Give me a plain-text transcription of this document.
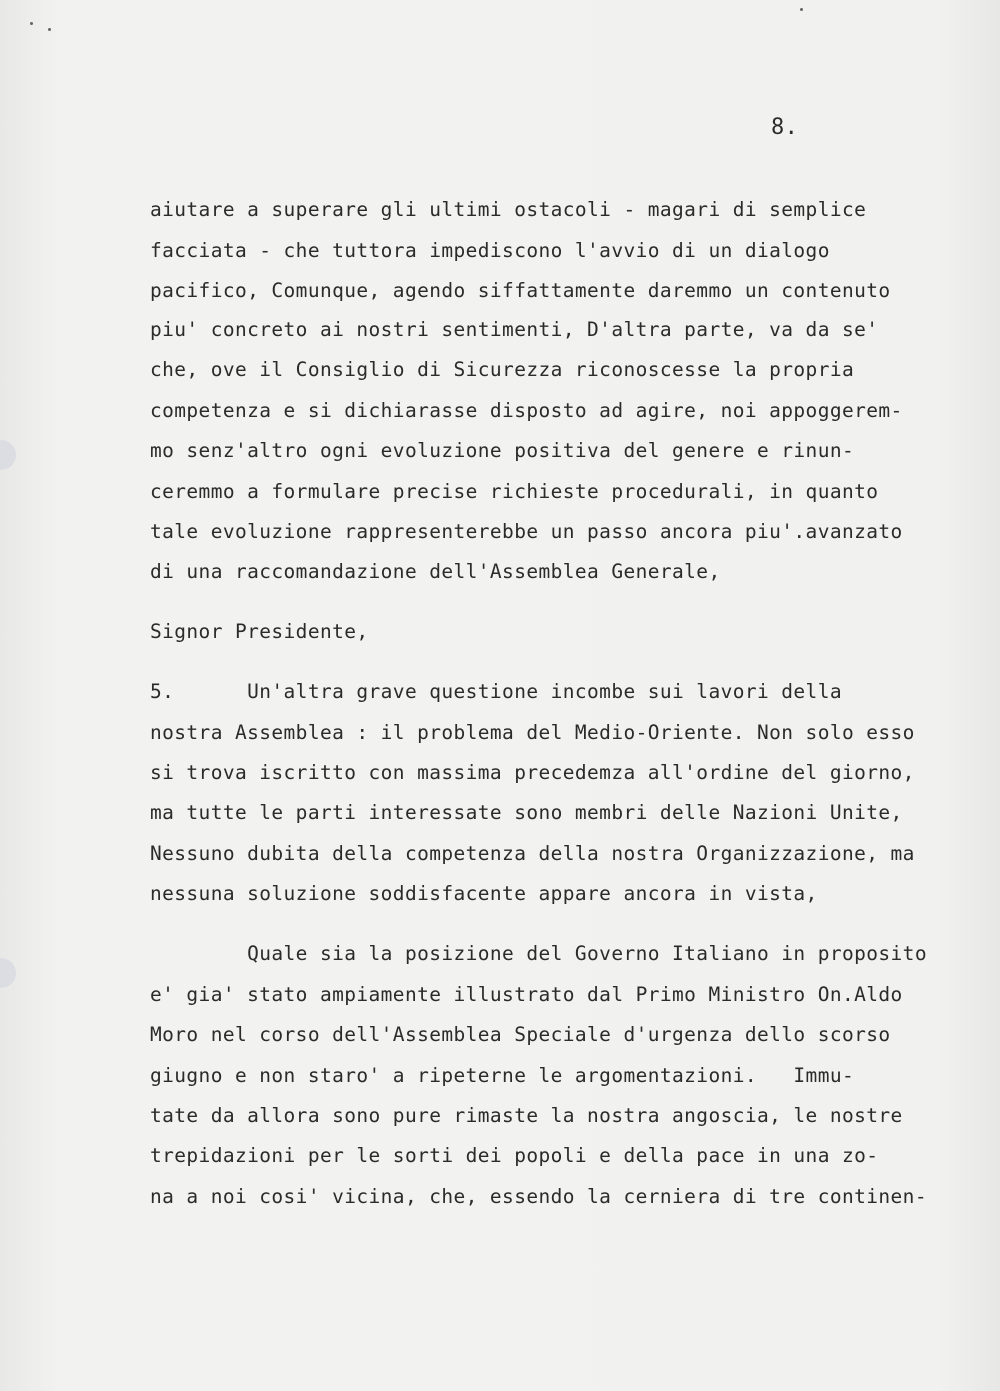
8.
aiutare a superare gli ultimi ostacoli - magari di semplice
facciata - che tuttora impediscono l'avvio di un dialogo
pacifico, Comunque, agendo siffattamente daremmo un contenuto
piu' concreto ai nostri sentimenti, D'altra parte, va da se'
che, ove il Consiglio di Sicurezza riconoscesse la propria
competenza e si dichiarasse disposto ad agire, noi appoggerem-
mo senz'altro ogni evoluzione positiva del genere e rinun-
ceremmo a formulare precise richieste procedurali, in quanto
tale evoluzione rappresenterebbe un passo ancora piu'.avanzato
di una raccomandazione dell'Assemblea Generale,
Signor Presidente,
5.      Un'altra grave questione incombe sui lavori della
nostra Assemblea : il problema del Medio-Oriente. Non solo esso
si trova iscritto con massima precedemza all'ordine del giorno,
ma tutte le parti interessate sono membri delle Nazioni Unite,
Nessuno dubita della competenza della nostra Organizzazione, ma
nessuna soluzione soddisfacente appare ancora in vista,
Quale sia la posizione del Governo Italiano in proposito
e' gia' stato ampiamente illustrato dal Primo Ministro On.Aldo
Moro nel corso dell'Assemblea Speciale d'urgenza dello scorso
giugno e non staro' a ripeterne le argomentazioni.   Immu-
tate da allora sono pure rimaste la nostra angoscia, le nostre
trepidazioni per le sorti dei popoli e della pace in una zo-
na a noi cosi' vicina, che, essendo la cerniera di tre continen-
